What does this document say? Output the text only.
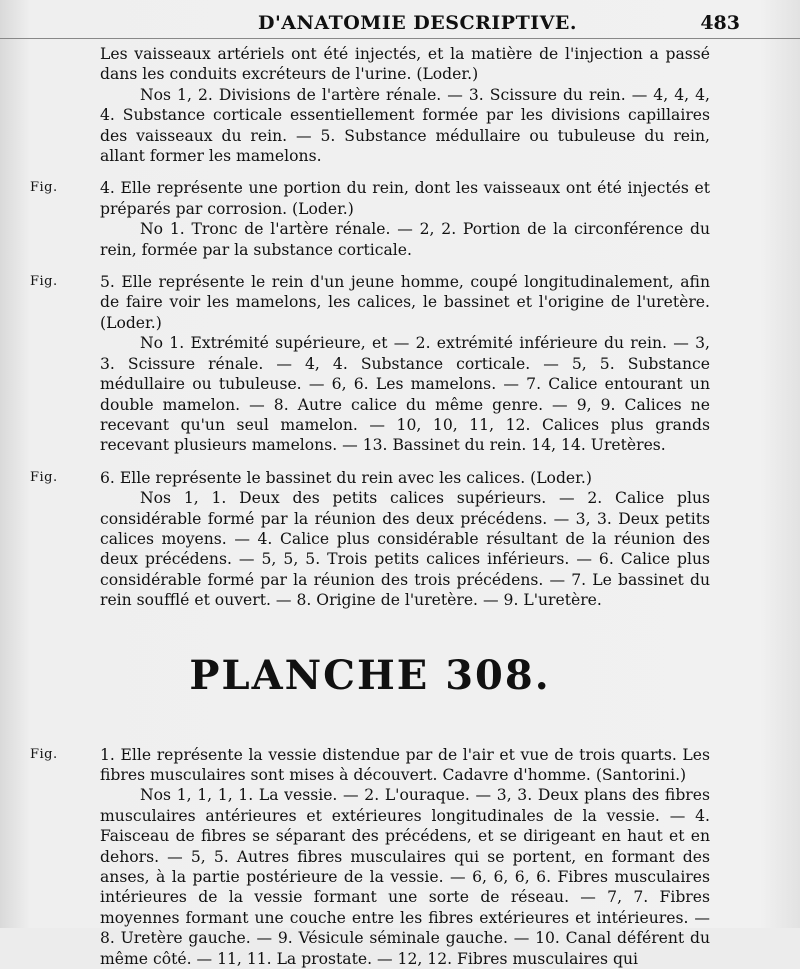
D'ANATOMIE DESCRIPTIVE.	483

Les vaisseaux artériels ont été injectés, et la matière de l'injection a passé dans les conduits excréteurs de l'urine. (Loder.)

Nos 1, 2. Divisions de l'artère rénale. — 3. Scissure du rein. — 4, 4, 4, 4. Substance corticale essentiellement formée par les divisions capillaires des vaisseaux du rein. — 5. Substance médullaire ou tubuleuse du rein, allant former les mamelons.

Fig.	4. Elle représente une portion du rein, dont les vaisseaux ont été injectés et préparés par corrosion. (Loder.)

No 1. Tronc de l'artère rénale. — 2, 2. Portion de la circonférence du rein, formée par la substance corticale.

Fig.	5. Elle représente le rein d'un jeune homme, coupé longitudinalement, afin de faire voir les mamelons, les calices, le bassinet et l'origine de l'uretère. (Loder.)

No 1. Extrémité supérieure, et — 2. extrémité inférieure du rein. — 3, 3. Scissure rénale. — 4, 4. Substance corticale. — 5, 5. Substance médullaire ou tubuleuse. — 6, 6. Les mamelons. — 7. Calice entourant un double mamelon. — 8. Autre calice du même genre. — 9, 9. Calices ne recevant qu'un seul mamelon. — 10, 10, 11, 12. Calices plus grands recevant plusieurs mamelons. — 13. Bassinet du rein. 14, 14. Uretères.

Fig.	6. Elle représente le bassinet du rein avec les calices. (Loder.)

Nos 1, 1. Deux des petits calices supérieurs. — 2. Calice plus considérable formé par la réunion des deux précédens. — 3, 3. Deux petits calices moyens. — 4. Calice plus considérable résultant de la réunion des deux précédens. — 5, 5, 5. Trois petits calices inférieurs. — 6. Calice plus considérable formé par la réunion des trois précédens. — 7. Le bassinet du rein soufflé et ouvert. — 8. Origine de l'uretère. — 9. L'uretère.

PLANCHE 308.
Fig.	1. Elle représente la vessie distendue par de l'air et vue de trois quarts. Les fibres musculaires sont mises à découvert. Cadavre d'homme. (Santorini.)

Nos 1, 1, 1, 1. La vessie. — 2. L'ouraque. — 3, 3. Deux plans des fibres musculaires antérieures et extérieures longitudinales de la vessie. — 4. Faisceau de fibres se séparant des précédens, et se dirigeant en haut et en dehors. — 5, 5. Autres fibres musculaires qui se portent, en formant des anses, à la partie postérieure de la vessie. — 6, 6, 6, 6. Fibres musculaires intérieures de la vessie formant une sorte de réseau. — 7, 7. Fibres moyennes formant une couche entre les fibres extérieures et intérieures. — 8. Uretère gauche. — 9. Vésicule séminale gauche. — 10. Canal déférent du même côté. — 11, 11. La prostate. — 12, 12. Fibres musculaires qui
